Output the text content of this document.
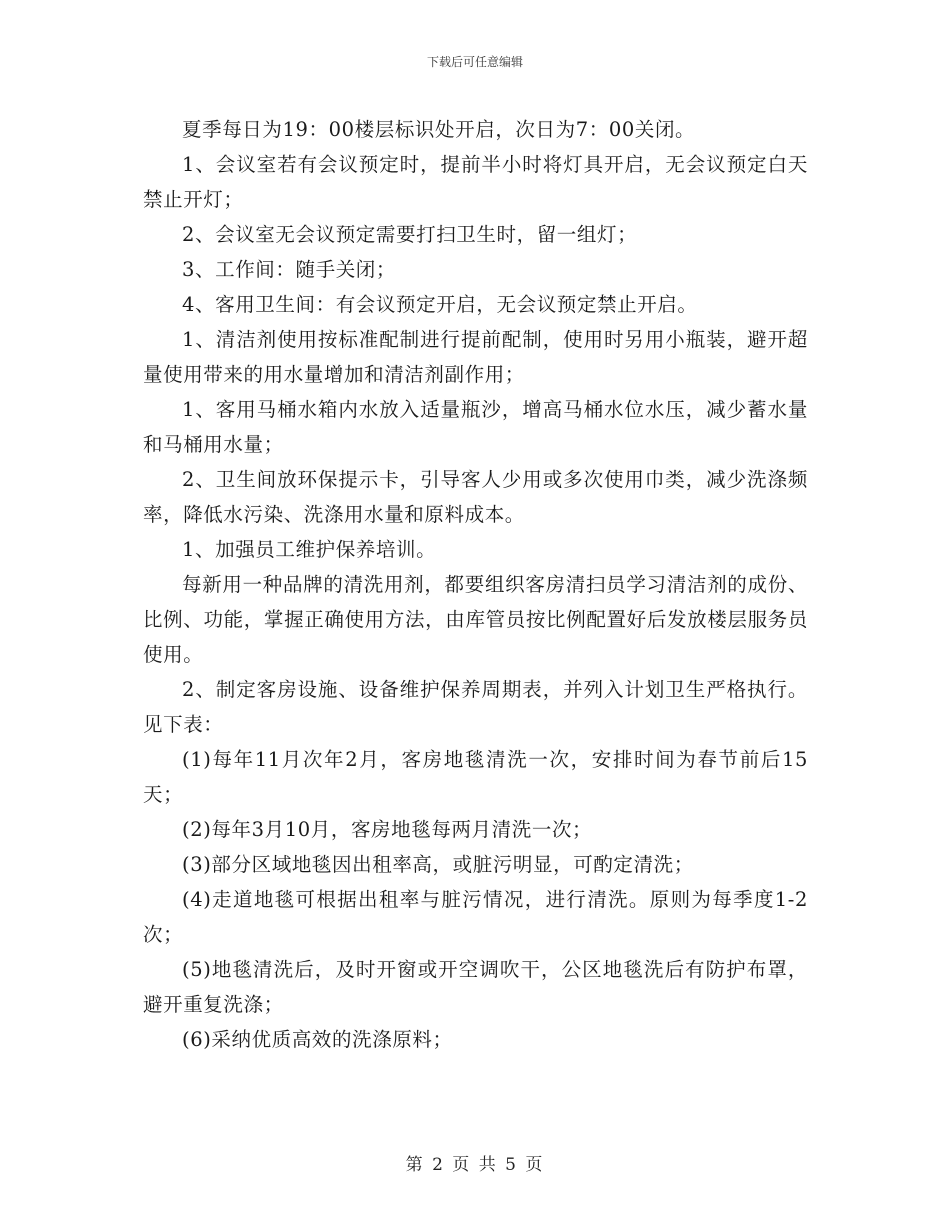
下载后可任意编辑

夏季每日为19：00楼层标识处开启，次日为7：00关闭。

1、会议室若有会议预定时，提前半小时将灯具开启，无会议预定白天禁止开灯；

2、会议室无会议预定需要打扫卫生时，留一组灯；

3、工作间：随手关闭；

4、客用卫生间：有会议预定开启，无会议预定禁止开启。

1、清洁剂使用按标准配制进行提前配制，使用时另用小瓶装，避开超量使用带来的用水量增加和清洁剂副作用；

1、客用马桶水箱内水放入适量瓶沙，增高马桶水位水压，减少蓄水量和马桶用水量；

2、卫生间放环保提示卡，引导客人少用或多次使用巾类，减少洗涤频率，降低水污染、洗涤用水量和原料成本。

1、加强员工维护保养培训。

每新用一种品牌的清洗用剂，都要组织客房清扫员学习清洁剂的成份、比例、功能，掌握正确使用方法，由库管员按比例配置好后发放楼层服务员使用。

2、制定客房设施、设备维护保养周期表，并列入计划卫生严格执行。见下表：

(1)每年11月次年2月，客房地毯清洗一次，安排时间为春节前后15天；

(2)每年3月10月，客房地毯每两月清洗一次；

(3)部分区域地毯因出租率高，或脏污明显，可酌定清洗；

(4)走道地毯可根据出租率与脏污情况，进行清洗。原则为每季度1-2次；

(5)地毯清洗后，及时开窗或开空调吹干，公区地毯洗后有防护布罩，避开重复洗涤；

(6)采纳优质高效的洗涤原料；

第 2 页 共 5 页
